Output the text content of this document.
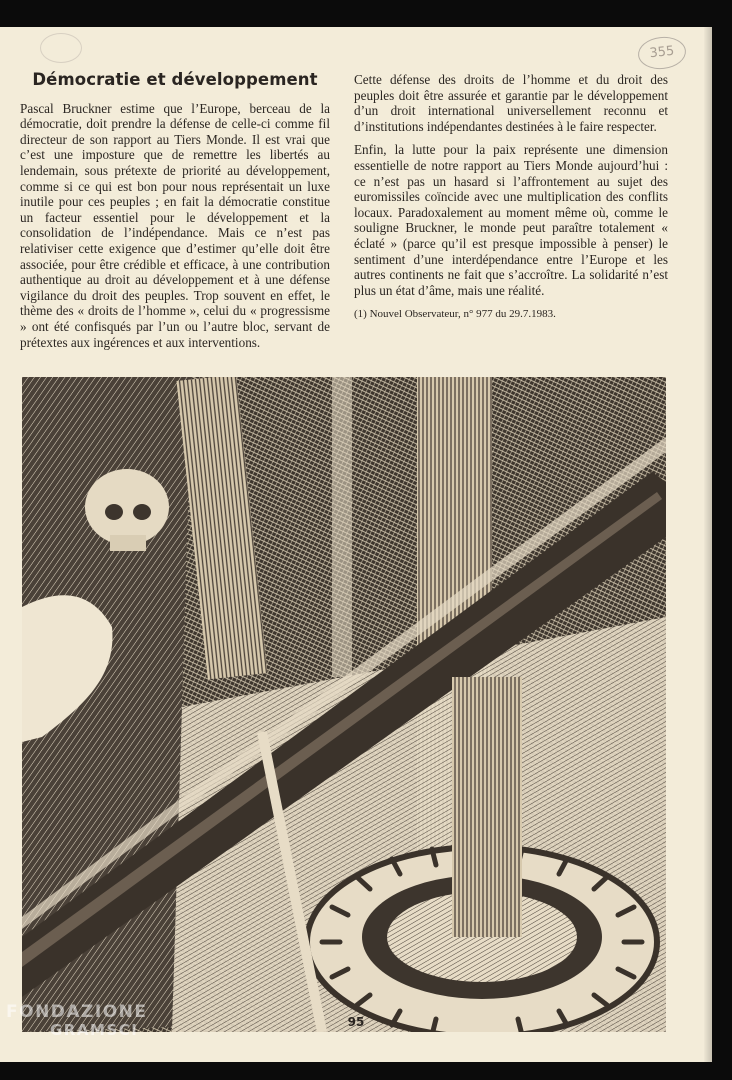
355
Démocratie et développement

Pascal Bruckner estime que l’Europe, berceau de la démocratie, doit prendre la défense de celle-ci comme fil directeur de son rapport au Tiers Monde. Il est vrai que c’est une imposture que de remettre les libertés au lendemain, sous prétexte de priorité au développement, comme si ce qui est bon pour nous représentait un luxe inutile pour ces peuples ; en fait la démocratie constitue un facteur essentiel pour le développement et la consolidation de l’indépendance. Mais ce n’est pas relativiser cette exigence que d’estimer qu’elle doit être associée, pour être crédible et efficace, à une contribution authentique au droit au développement et à une défense vigilance du droit des peuples. Trop souvent en effet, le thème des « droits de l’homme », celui du « progressisme » ont été confisqués par l’un ou l’autre bloc, servant de prétextes aux ingérences et aux interventions.

Cette défense des droits de l’homme et du droit des peuples doit être assurée et garantie par le développement d’un droit international universellement reconnu et d’institutions indépendantes destinées à le faire respecter.

Enfin, la lutte pour la paix représente une dimension essentielle de notre rapport au Tiers Monde aujourd’hui : ce n’est pas un hasard si l’affrontement au sujet des euromissiles coïncide avec une multiplication des conflits locaux. Paradoxalement au moment même où, comme le souligne Bruckner, le monde peut paraître totalement « éclaté » (parce qu’il est presque impossible à penser) le sentiment d’une interdépendance entre l’Europe et les autres continents ne fait que s’accroître. La solidarité n’est plus un état d’âme, mais une réalité.

(1) Nouvel Observateur, n° 977 du 29.7.1983.
95
FONDAZIONE
GRAMSCI
